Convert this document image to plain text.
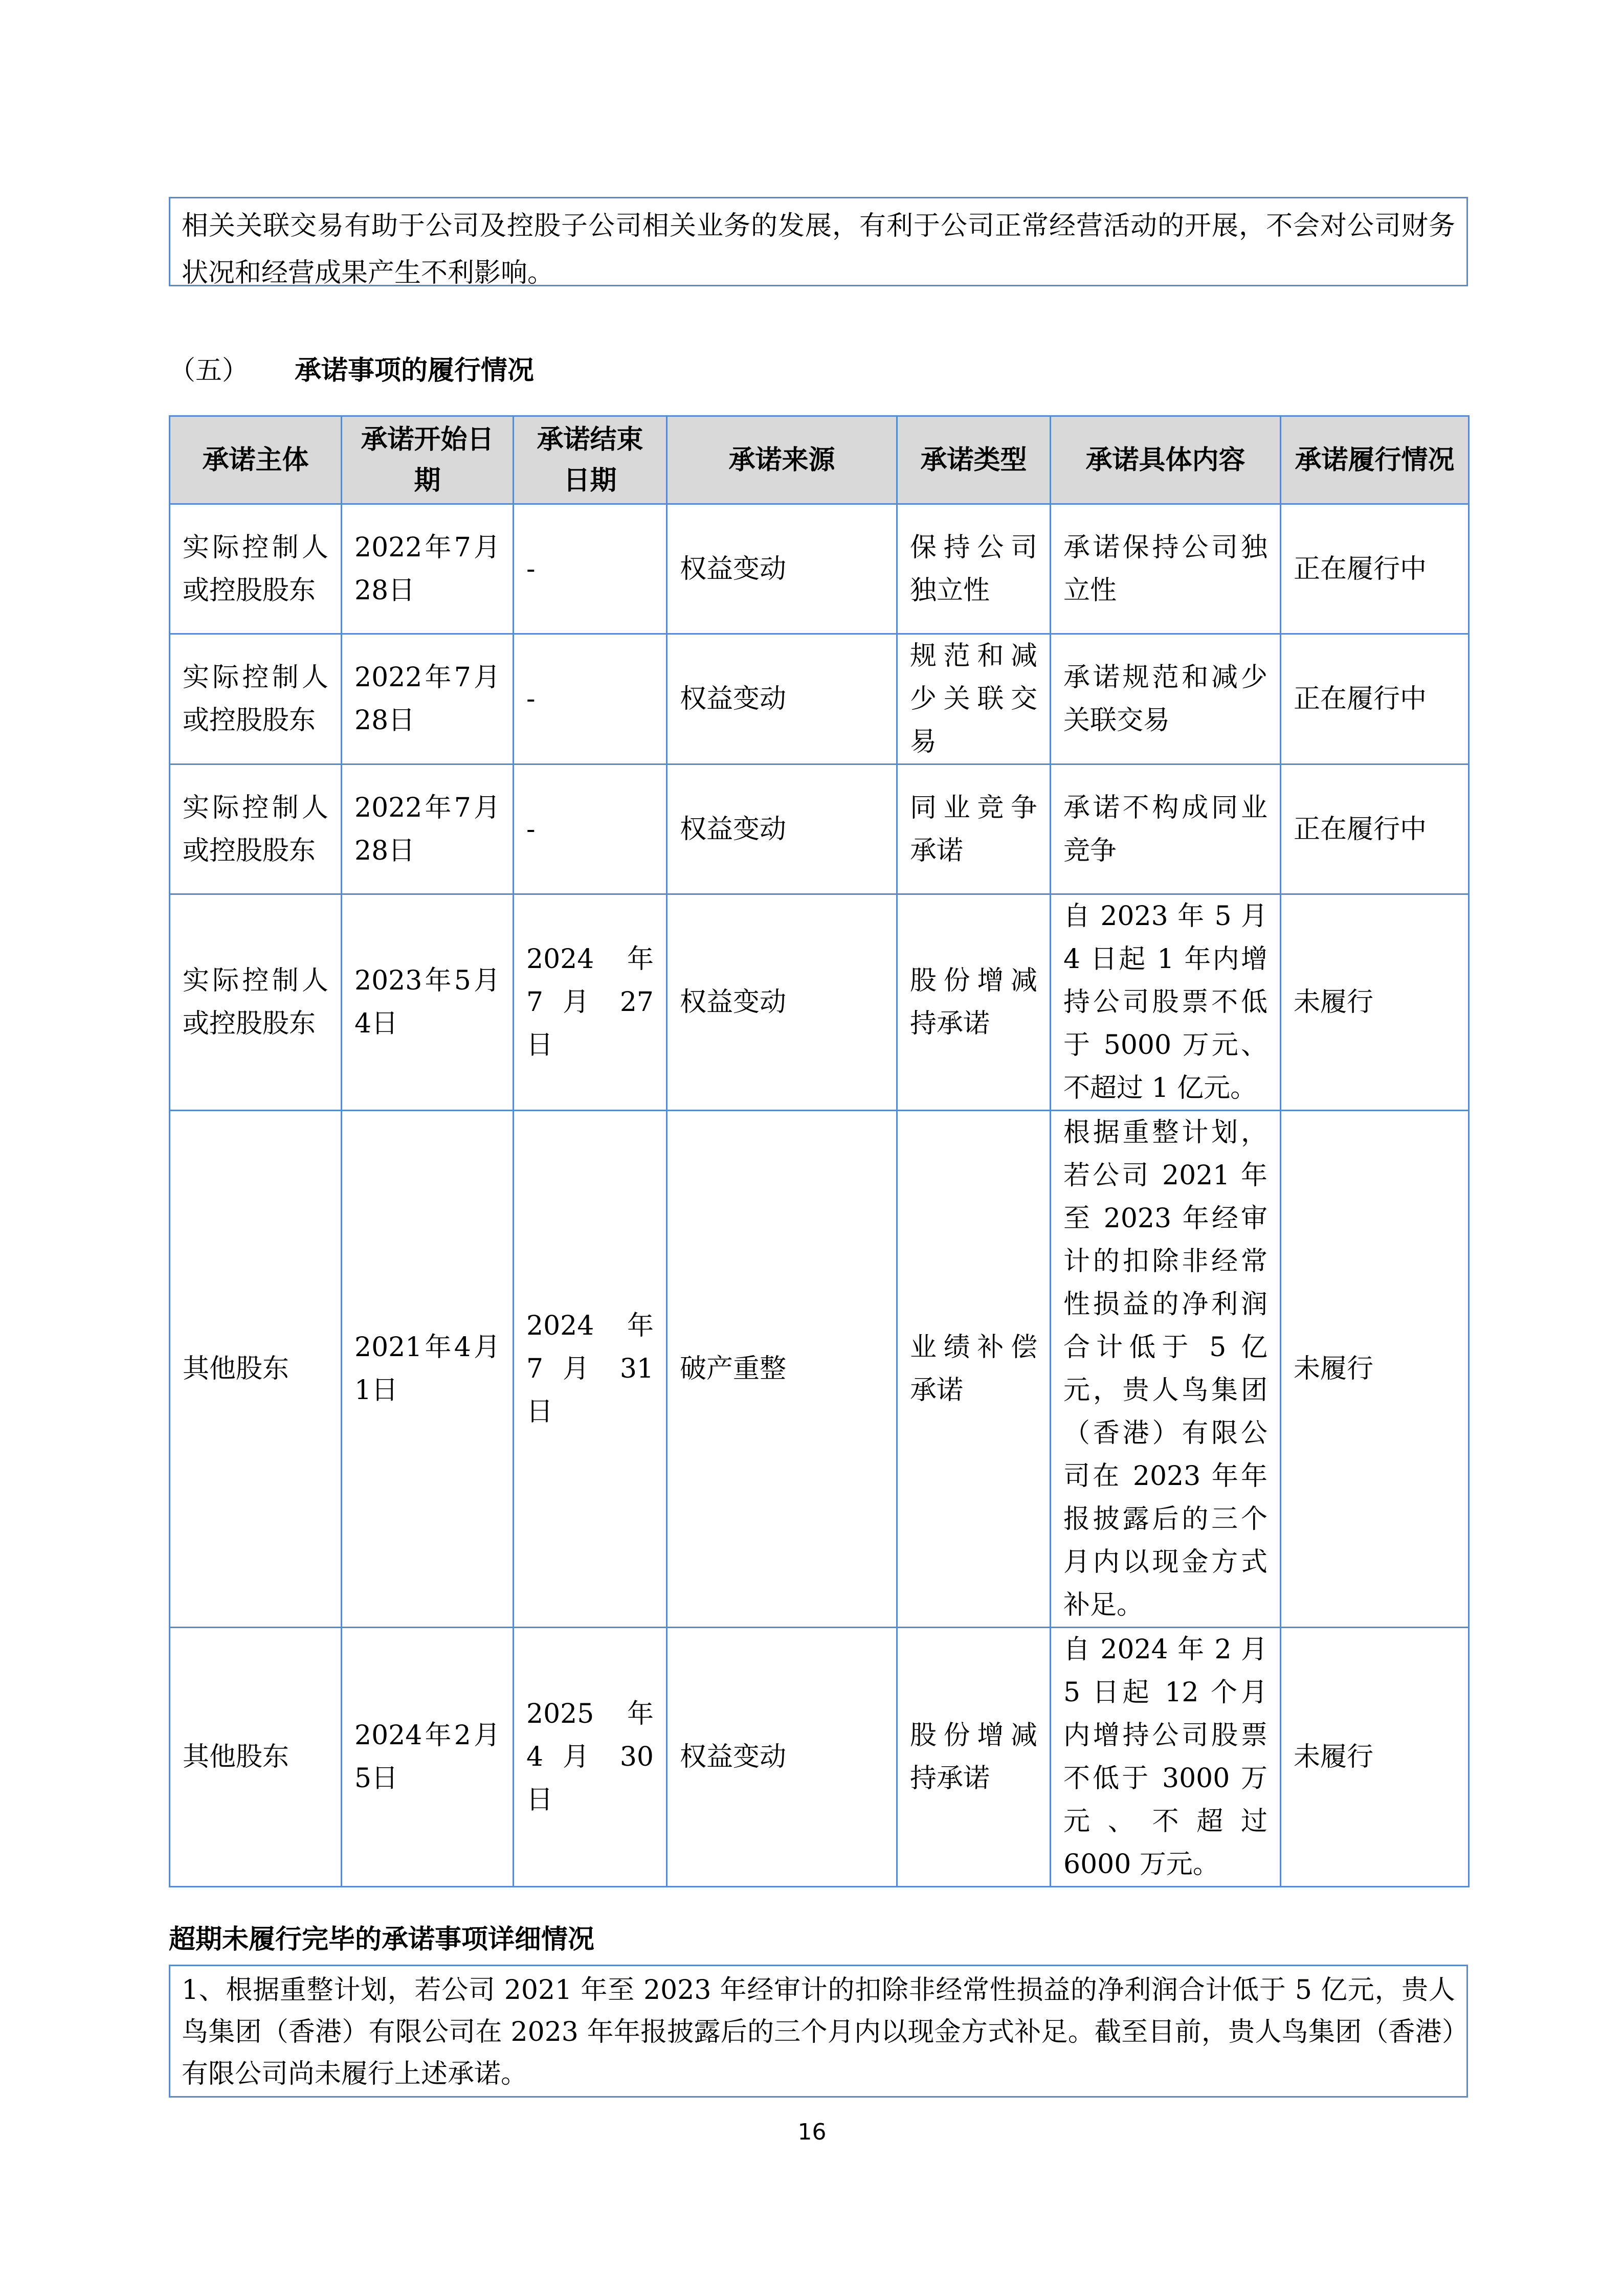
相关关联交易有助于公司及控股子公司相关业务的发展，有利于公司正常经营活动的开展，不会对公司财务状况和经营成果产生不利影响。
（五） 承诺事项的履行情况
承诺主体	承诺开始日期	承诺结束日期	承诺来源	承诺类型	承诺具体内容	承诺履行情况
实际控制人或控股股东	2022年7月28日	-	权益变动	保持公司独立性	承诺保持公司独立性	正在履行中
实际控制人或控股股东	2022年7月28日	-	权益变动	规范和减少关联交易	承诺规范和减少关联交易	正在履行中
实际控制人或控股股东	2022年7月28日	-	权益变动	同业竞争承诺	承诺不构成同业竞争	正在履行中
实际控制人或控股股东	2023年5月4日	2024 年 7 月 27 日	权益变动	股份增减持承诺	自 2023 年 5 月 4 日起 1 年内增持公司股票不低于 5000 万元、不超过 1 亿元。	未履行
其他股东	2021年4月1日	2024 年 7 月 31 日	破产重整	业绩补偿承诺	根据重整计划，若公司 2021 年至 2023 年经审计的扣除非经常性损益的净利润合计低于 5 亿元，贵人鸟集团（香港）有限公司在 2023 年年报披露后的三个月内以现金方式补足。	未履行
其他股东	2024年2月5日	2025 年 4 月 30 日	权益变动	股份增减持承诺	自 2024 年 2 月 5 日起 12 个月内增持公司股票不低于 3000 万元、不超过 6000 万元。	未履行
超期未履行完毕的承诺事项详细情况
1、根据重整计划，若公司 2021 年至 2023 年经审计的扣除非经常性损益的净利润合计低于 5 亿元，贵人鸟集团（香港）有限公司在 2023 年年报披露后的三个月内以现金方式补足。截至目前，贵人鸟集团（香港）有限公司尚未履行上述承诺。
16
